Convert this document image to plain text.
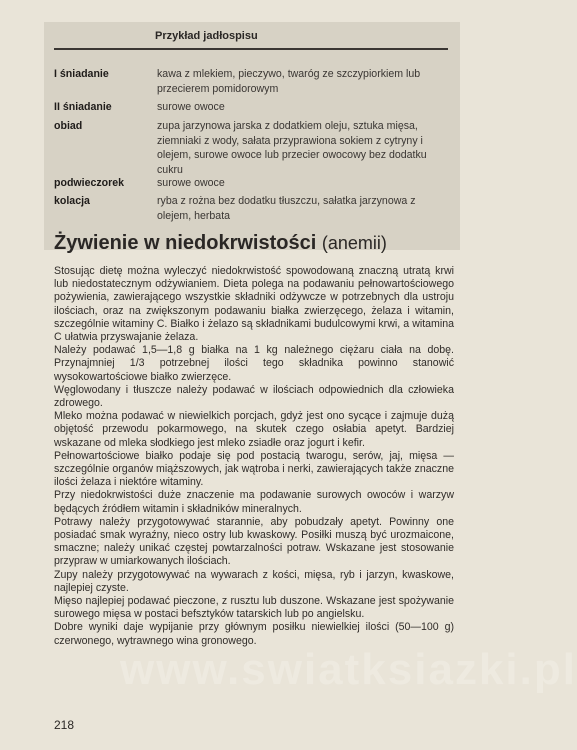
Przykład jadłospisu
I śniadanie	kawa z mlekiem, pieczywo, twaróg ze szczypiorkiem lub przecierem pomidorowym
II śniadanie	surowe owoce
obiad	zupa jarzynowa jarska z dodatkiem oleju, sztuka mięsa, ziemniaki z wody, sałata przyprawiona sokiem z cytryny i olejem, surowe owoce lub przecier owocowy bez dodatku cukru
podwieczorek	surowe owoce
kolacja	ryba z rożna bez dodatku tłuszczu, sałatka jarzynowa z olejem, herbata
Żywienie w niedokrwistości (anemii)

Stosując dietę można wyleczyć niedokrwistość spowodowaną znaczną utratą krwi lub niedostatecznym odżywianiem. Dieta polega na podawaniu pełnowartościowego pożywienia, zawierającego wszystkie składniki odżywcze w potrzebnych dla ustroju ilościach, oraz na zwiększonym podawaniu białka zwierzęcego, żelaza i witamin, szczególnie witaminy C. Białko i żelazo są składnikami budulcowymi krwi, a witamina C ułatwia przyswajanie żelaza.

Należy podawać 1,5—1,8 g białka na 1 kg należnego ciężaru ciała na dobę. Przynajmniej 1/3 potrzebnej ilości tego składnika powinno stanowić wysokowartościowe białko zwierzęce.

Węglowodany i tłuszcze należy podawać w ilościach odpowiednich dla człowieka zdrowego.

Mleko można podawać w niewielkich porcjach, gdyż jest ono sycące i zajmuje dużą objętość przewodu pokarmowego, na skutek czego osłabia apetyt. Bardziej wskazane od mleka słodkiego jest mleko zsiadłe oraz jogurt i kefir.

Pełnowartościowe białko podaje się pod postacią twarogu, serów, jaj, mięsa — szczególnie organów miąższowych, jak wątroba i nerki, zawierających także znaczne ilości żelaza i niektóre witaminy.

Przy niedokrwistości duże znaczenie ma podawanie surowych owoców i warzyw będących źródłem witamin i składników mineralnych.

Potrawy należy przygotowywać starannie, aby pobudzały apetyt. Powinny one posiadać smak wyraźny, nieco ostry lub kwaskowy. Posiłki muszą być urozmaicone, smaczne; należy unikać częstej powtarzalności potraw. Wskazane jest stosowanie przypraw w umiarkowanych ilościach.

Zupy należy przygotowywać na wywarach z kości, mięsa, ryb i jarzyn, kwaskowe, najlepiej czyste.

Mięso najlepiej podawać pieczone, z rusztu lub duszone. Wskazane jest spożywanie surowego mięsa w postaci befsztyków tatarskich lub po angielsku.

Dobre wyniki daje wypijanie przy głównym posiłku niewielkiej ilości (50—100 g) czerwonego, wytrawnego wina gronowego.

www.swiatksiazki.pl
218
